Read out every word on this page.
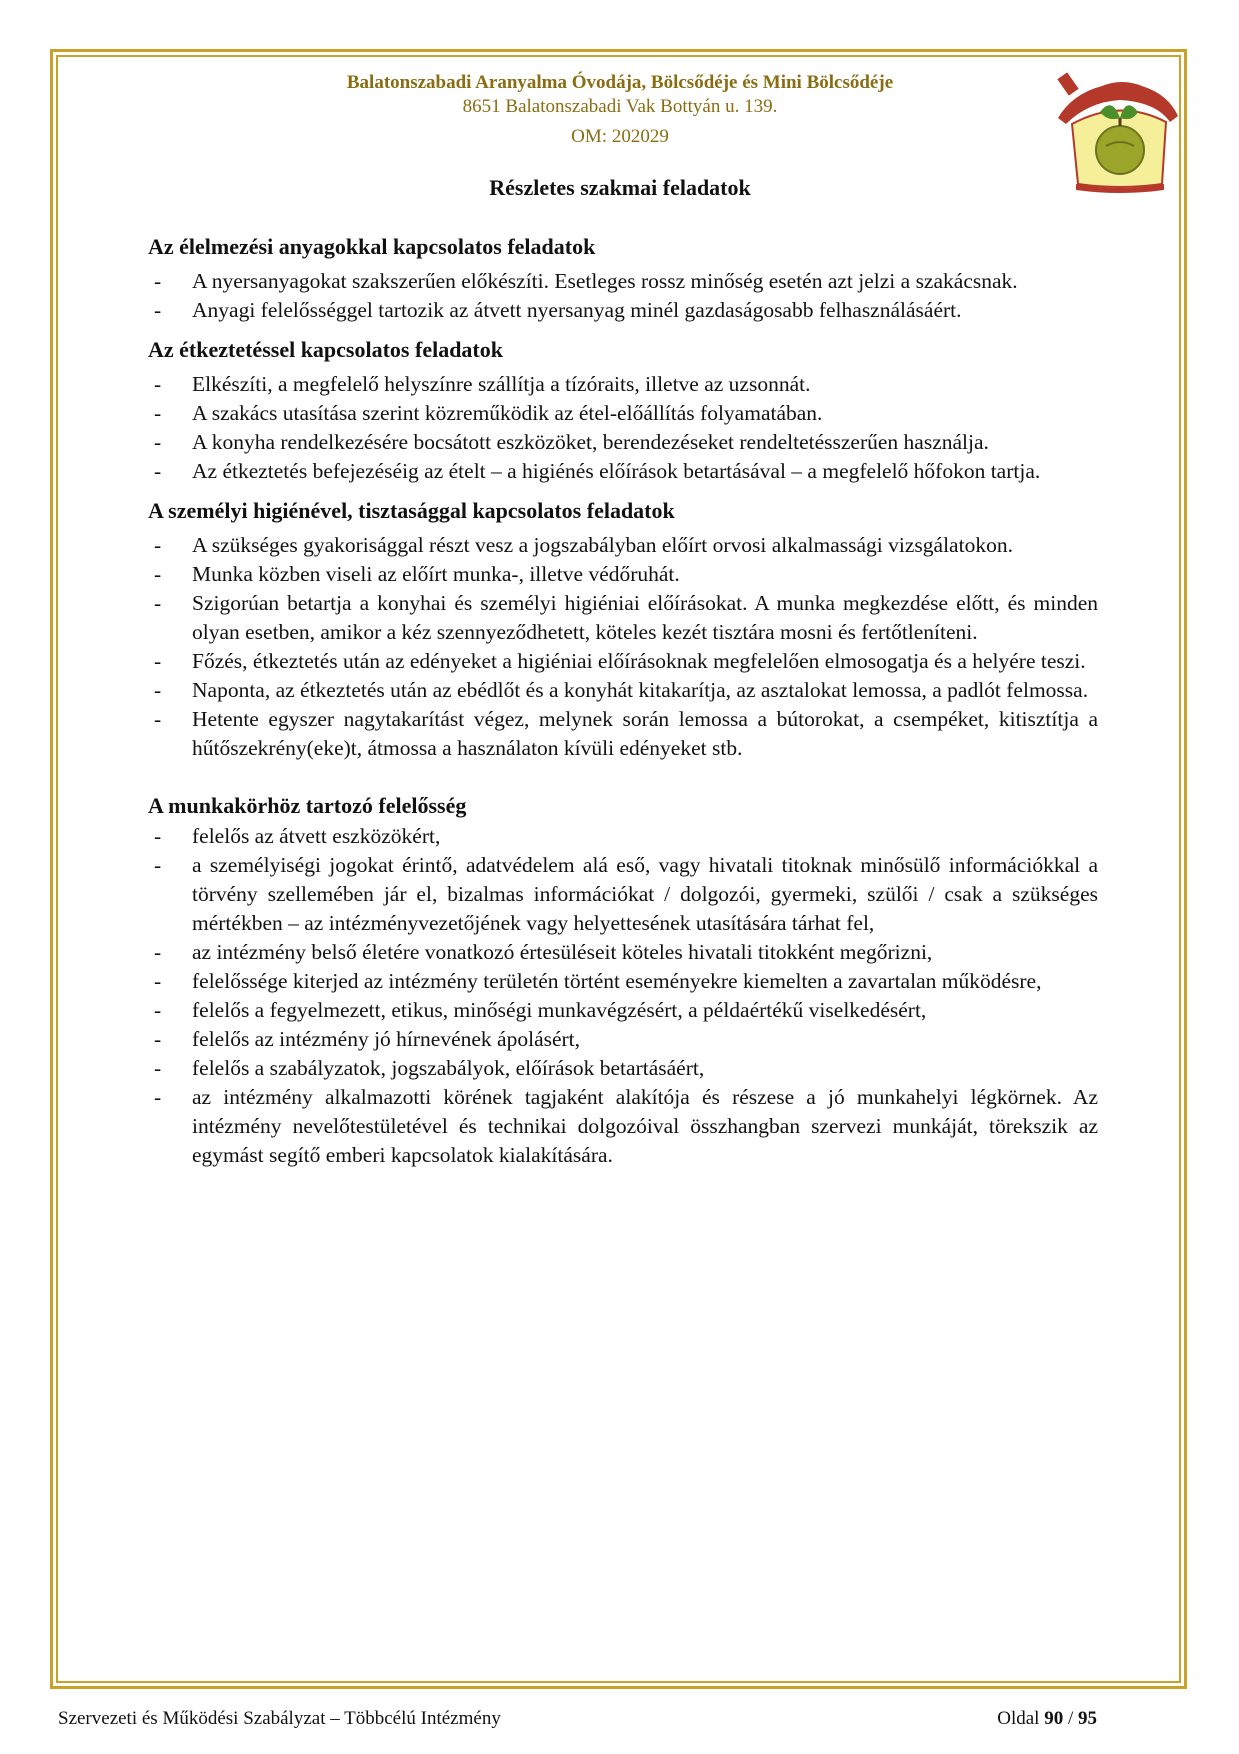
Balatonszabadi Aranyalma Óvodája, Bölcsődéje és Mini Bölcsődéje
8651 Balatonszabadi Vak Bottyán u. 139.
OM: 202029
Részletes szakmai feladatok

Az élelmezési anyagokkal kapcsolatos feladatok

- A nyersanyagokat szakszerűen előkészíti. Esetleges rossz minőség esetén azt jelzi a szakácsnak.
- Anyagi felelősséggel tartozik az átvett nyersanyag minél gazdaságosabb felhasználásáért.

Az étkeztetéssel kapcsolatos feladatok

- Elkészíti, a megfelelő helyszínre szállítja a tízóraits, illetve az uzsonnát.
- A szakács utasítása szerint közreműködik az étel-előállítás folyamatában.
- A konyha rendelkezésére bocsátott eszközöket, berendezéseket rendeltetésszerűen használja.
- Az étkeztetés befejezéséig az ételt – a higiénés előírások betartásával – a megfelelő hőfokon tartja.

A személyi higiénével, tisztasággal kapcsolatos feladatok

- A szükséges gyakorisággal részt vesz a jogszabályban előírt orvosi alkalmassági vizsgálatokon.
- Munka közben viseli az előírt munka-, illetve védőruhát.
- Szigorúan betartja a konyhai és személyi higiéniai előírásokat. A munka megkezdése előtt, és minden olyan esetben, amikor a kéz szennyeződhetett, köteles kezét tisztára mosni és fertőtleníteni.
- Főzés, étkeztetés után az edényeket a higiéniai előírásoknak megfelelően elmosogatja és a helyére teszi.
- Naponta, az étkeztetés után az ebédlőt és a konyhát kitakarítja, az asztalokat lemossa, a padlót felmossa.
- Hetente egyszer nagytakarítást végez, melynek során lemossa a bútorokat, a csempéket, kitisztítja a hűtőszekrény(eke)t, átmossa a használaton kívüli edényeket stb.

A munkakörhöz tartozó felelősség

- felelős az átvett eszközökért,
- a személyiségi jogokat érintő, adatvédelem alá eső, vagy hivatali titoknak minősülő információkkal a törvény szellemében jár el, bizalmas információkat / dolgozói, gyermeki, szülői / csak a szükséges mértékben – az intézményvezetőjének vagy helyettesének utasítására tárhat fel,
- az intézmény belső életére vonatkozó értesüléseit köteles hivatali titokként megőrizni,
- felelőssége kiterjed az intézmény területén történt eseményekre kiemelten a zavartalan működésre,
- felelős a fegyelmezett, etikus, minőségi munkavégzésért, a példaértékű viselkedésért,
- felelős az intézmény jó hírnevének ápolásért,
- felelős a szabályzatok, jogszabályok, előírások betartásáért,
- az intézmény alkalmazotti körének tagjaként alakítója és részese a jó munkahelyi légkörnek. Az intézmény nevelőtestületével és technikai dolgozóival összhangban szervezi munkáját, törekszik az egymást segítő emberi kapcsolatok kialakítására.
Szervezeti és Működési Szabályzat – Többcélú Intézmény	Oldal 90 / 95
